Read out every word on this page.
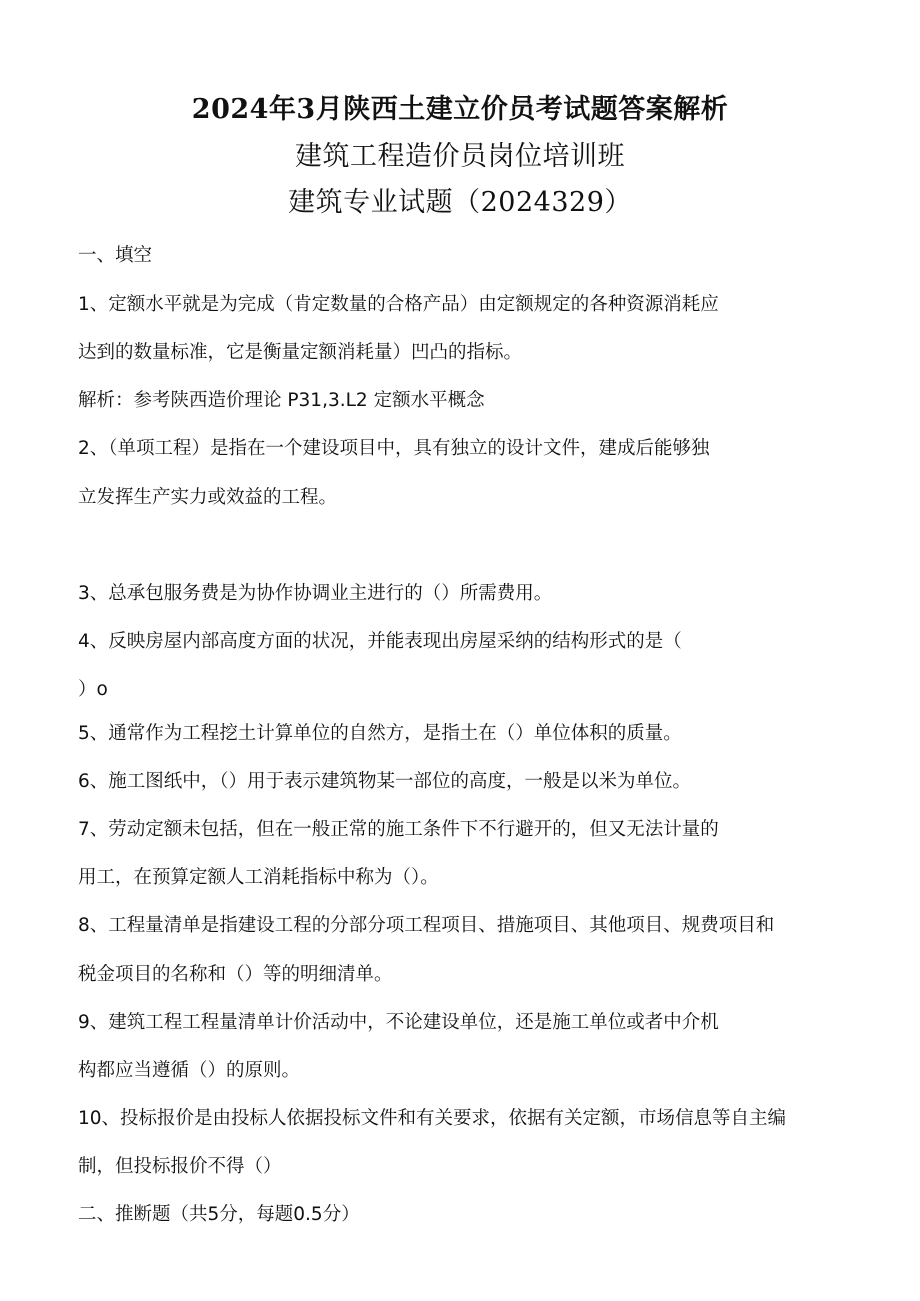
2024年3月陕西土建立价员考试题答案解析
建筑工程造价员岗位培训班
建筑专业试题（2024329）
一、填空
1、定额水平就是为完成（肯定数量的合格产品）由定额规定的各种资源消耗应
达到的数量标准，它是衡量定额消耗量）凹凸的指标。
解析：参考陕西造价理论 P31,3.L2 定额水平概念
2、（单项工程）是指在一个建设项目中，具有独立的设计文件，建成后能够独
立发挥生产实力或效益的工程。
3、总承包服务费是为协作协调业主进行的（）所需费用。
4、反映房屋内部高度方面的状况，并能表现出房屋采纳的结构形式的是（
）o
5、通常作为工程挖土计算单位的自然方，是指土在（）单位体积的质量。
6、施工图纸中，（）用于表示建筑物某一部位的高度，一般是以米为单位。
7、劳动定额未包括，但在一般正常的施工条件下不行避开的，但又无法计量的
用工，在预算定额人工消耗指标中称为（）。
8、工程量清单是指建设工程的分部分项工程项目、措施项目、其他项目、规费项目和
税金项目的名称和（）等的明细清单。
9、建筑工程工程量清单计价活动中，不论建设单位，还是施工单位或者中介机
构都应当遵循（）的原则。
10、投标报价是由投标人依据投标文件和有关要求，依据有关定额，市场信息等自主编
制，但投标报价不得（）
二、推断题（共5分，每题0.5分）
